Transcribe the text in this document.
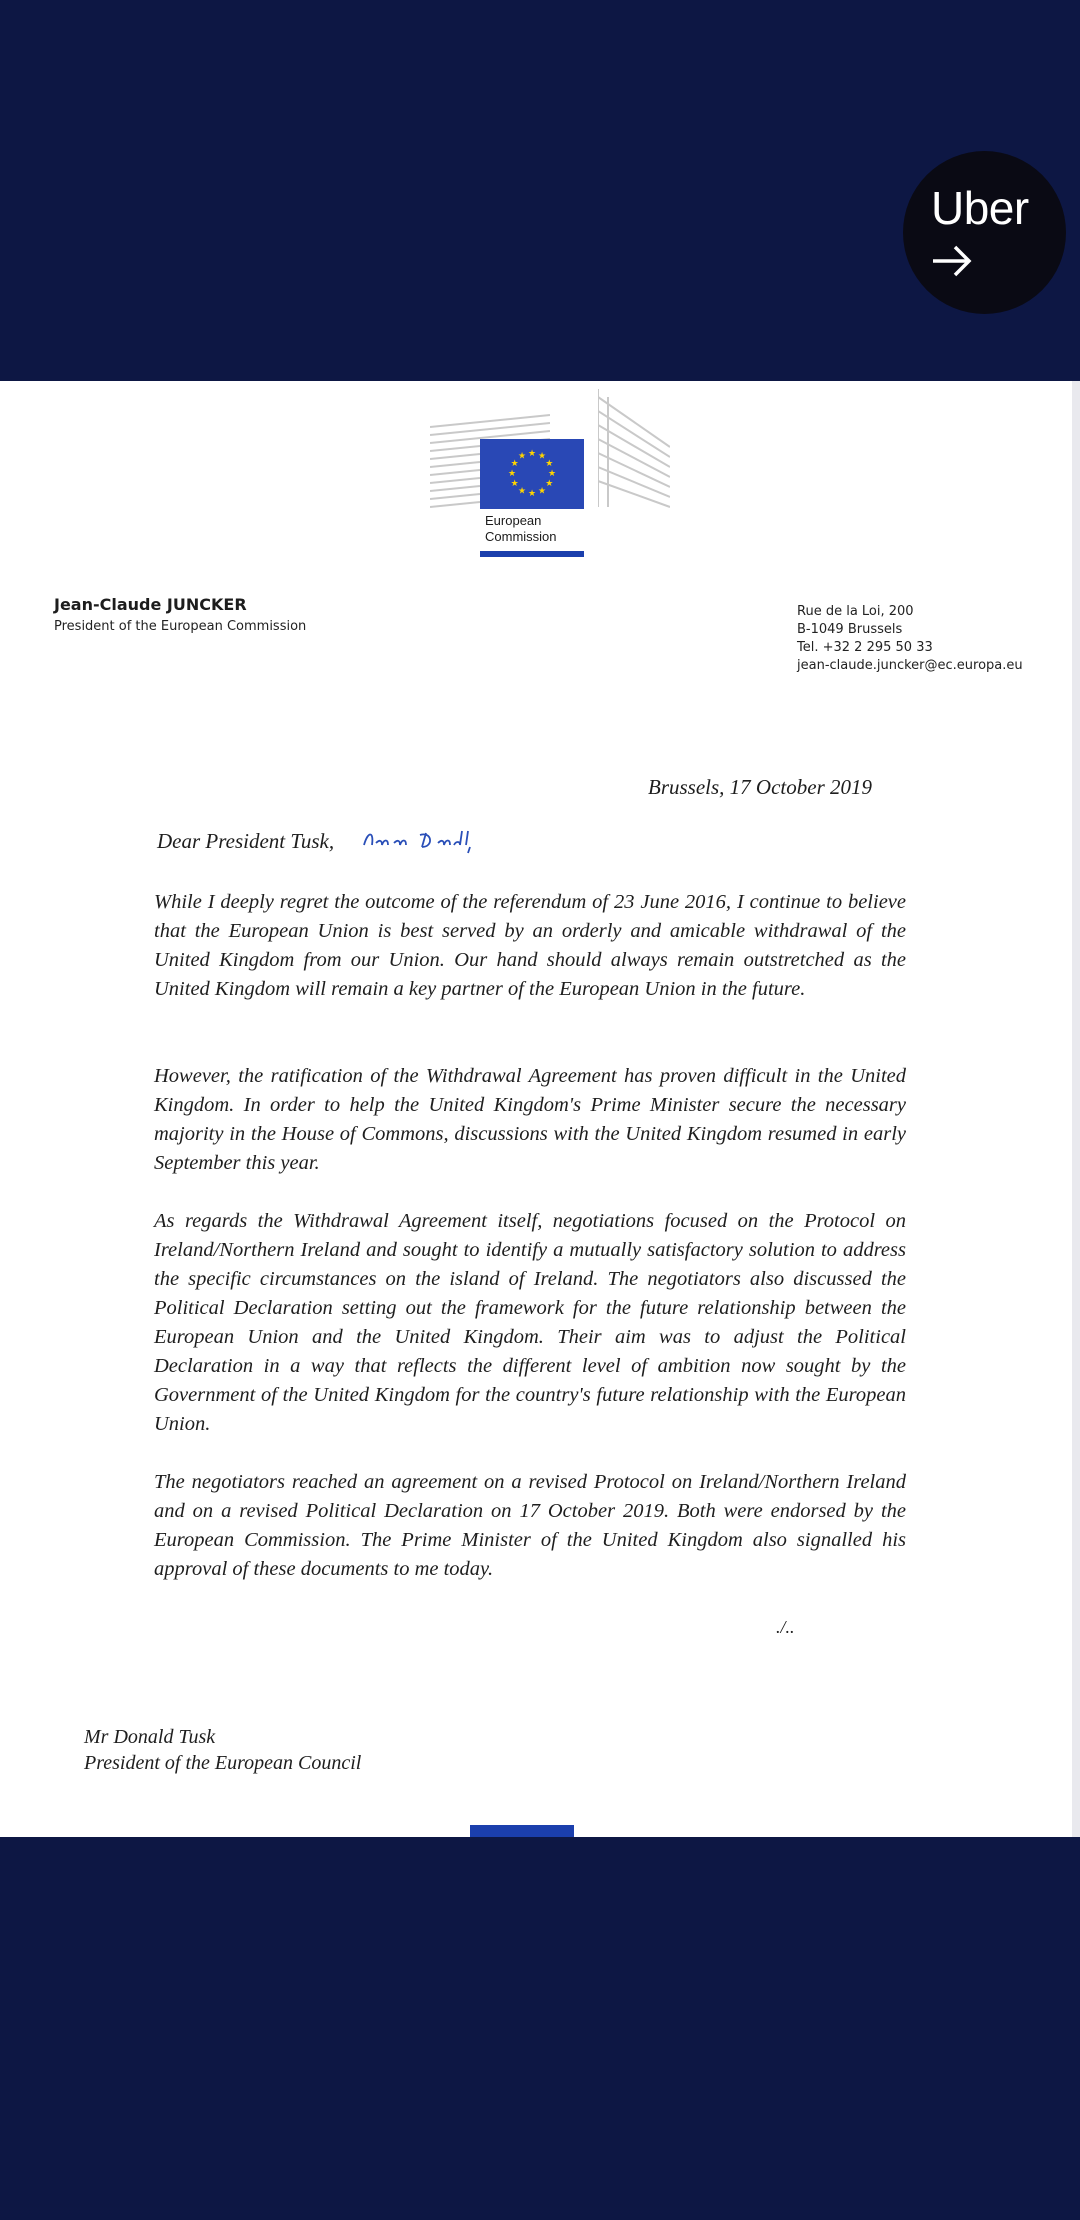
Uber
★ ★
★
★
★
★
★
★
★
★
★
★
European
Commission
Jean-Claude JUNCKER
President of the European Commission
Rue de la Loi, 200
B-1049 Brussels
Tel. +32 2 295 50 33
jean-claude.juncker@ec.europa.eu
Brussels, 17 October 2019
Dear President Tusk,
While I deeply regret the outcome of the referendum of 23 June 2016, I continue to believe that the European Union is best served by an orderly and amicable withdrawal of the United Kingdom from our Union. Our hand should always remain outstretched as the United Kingdom will remain a key partner of the European Union in the future.
However, the ratification of the Withdrawal Agreement has proven difficult in the United Kingdom. In order to help the United Kingdom's Prime Minister secure the necessary majority in the House of Commons, discussions with the United Kingdom resumed in early September this year.
As regards the Withdrawal Agreement itself, negotiations focused on the Protocol on Ireland/Northern Ireland and sought to identify a mutually satisfactory solution to address the specific circumstances on the island of Ireland. The negotiators also discussed the Political Declaration setting out the framework for the future relationship between the European Union and the United Kingdom. Their aim was to adjust the Political Declaration in a way that reflects the different level of ambition now sought by the Government of the United Kingdom for the country's future relationship with the European Union.
The negotiators reached an agreement on a revised Protocol on Ireland/Northern Ireland and on a revised Political Declaration on 17 October 2019. Both were endorsed by the European Commission. The Prime Minister of the United Kingdom also signalled his approval of these documents to me today.
./..
Mr Donald Tusk
President of the European Council
